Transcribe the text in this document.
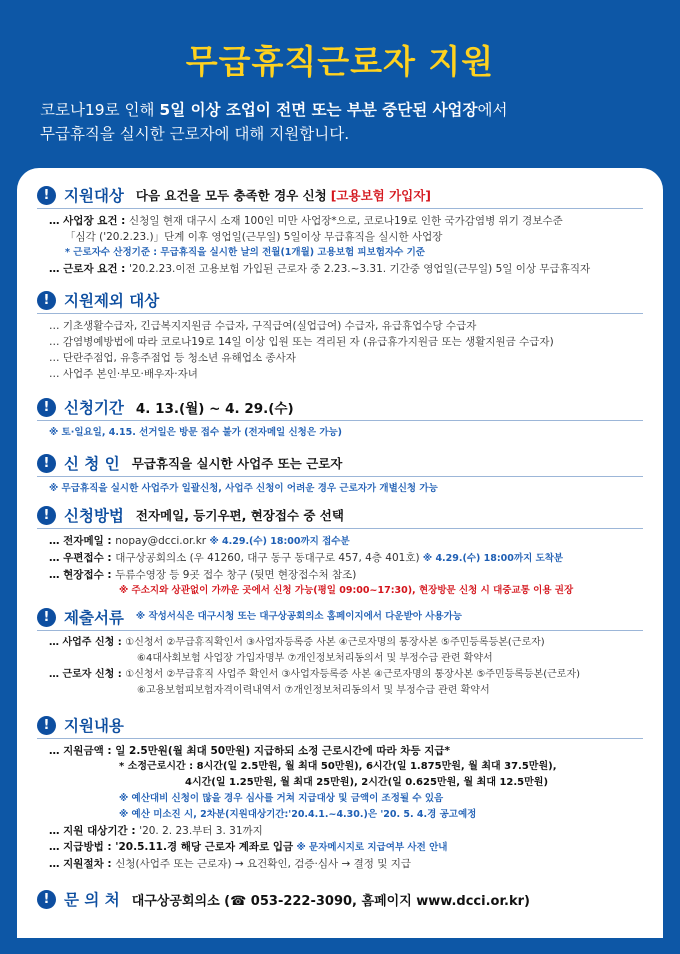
무급휴직근로자 지원
코로나19로 인해 5일 이상 조업이 전면 또는 부분 중단된 사업장에서
무급휴직을 실시한 근로자에 대해 지원합니다.
! 지원대상 다음 요건을 모두 충족한 경우 신청 [고용보험 가입자]
… 사업장 요건 : 신청일 현재 대구시 소재 100인 미만 사업장*으로, 코로나19로 인한 국가감염병 위기 경보수준
「심각 ('20.2.23.)」단계 이후 영업일(근무일) 5일이상 무급휴직을 실시한 사업장
* 근로자수 산정기준 : 무급휴직을 실시한 날의 전월(1개월) 고용보험 피보험자수 기준
… 근로자 요건 : '20.2.23.이전 고용보험 가입된 근로자 중 2.23.~3.31. 기간중 영업일(근무일) 5일 이상 무급휴직자
! 지원제외 대상
… 기초생활수급자, 긴급복지지원금 수급자, 구직급여(실업급여) 수급자, 유급휴업수당 수급자
… 감염병예방법에 따라 코로나19로 14일 이상 입원 또는 격리된 자 (유급휴가지원금 또는 생활지원금 수급자)
… 단란주점업, 유흥주점업 등 청소년 유해업소 종사자
… 사업주 본인·부모·배우자·자녀
! 신청기간 4. 13.(월) ~ 4. 29.(수)
※ 토·일요일, 4.15. 선거일은 방문 접수 불가 (전자메일 신청은 가능)
! 신 청 인 무급휴직을 실시한 사업주 또는 근로자
※ 무급휴직을 실시한 사업주가 일괄신청, 사업주 신청이 어려운 경우 근로자가 개별신청 가능
! 신청방법 전자메일, 등기우편, 현장접수 중 선택
… 전자메일 : nopay@dcci.or.kr ※ 4.29.(수) 18:00까지 접수분
… 우편접수 : 대구상공회의소 (우 41260, 대구 동구 동대구로 457, 4층 401호) ※ 4.29.(수) 18:00까지 도착분
… 현장접수 : 두류수영장 등 9곳 접수 창구 (뒷면 현장접수처 참조)
※ 주소지와 상관없이 가까운 곳에서 신청 가능(평일 09:00~17:30), 현장방문 신청 시 대중교통 이용 권장
! 제출서류 ※ 작성서식은 대구시청 또는 대구상공회의소 홈페이지에서 다운받아 사용가능
… 사업주 신청 : ①신청서 ②무급휴직확인서 ③사업자등록증 사본 ④근로자명의 통장사본 ⑤주민등록등본(근로자)
⑥4대사회보험 사업장 가입자명부 ⑦개인정보처리동의서 및 부정수급 관련 확약서
… 근로자 신청 : ①신청서 ②무급휴직 사업주 확인서 ③사업자등록증 사본 ④근로자명의 통장사본 ⑤주민등록등본(근로자)
⑥고용보험피보험자격이력내역서 ⑦개인정보처리동의서 및 부정수급 관련 확약서
! 지원내용
… 지원금액 : 일 2.5만원(월 최대 50만원) 지급하되 소정 근로시간에 따라 차등 지급*
* 소정근로시간 : 8시간(일 2.5만원, 월 최대 50만원), 6시간(일 1.875만원, 월 최대 37.5만원),
4시간(일 1.25만원, 월 최대 25만원), 2시간(일 0.625만원, 월 최대 12.5만원)
※ 예산대비 신청이 많을 경우 심사를 거쳐 지급대상 및 금액이 조정될 수 있음
※ 예산 미소진 시, 2차분(지원대상기간:'20.4.1.~4.30.)은 '20. 5. 4.경 공고예정
… 지원 대상기간 : '20. 2. 23.부터 3. 31까지
… 지급방법 : '20.5.11.경 해당 근로자 계좌로 입금 ※ 문자메시지로 지급여부 사전 안내
… 지원절차 : 신청(사업주 또는 근로자) → 요건확인, 검증·심사 → 결정 및 지급
! 문 의 처 대구상공회의소 (☎ 053-222-3090, 홈페이지 www.dcci.or.kr)
